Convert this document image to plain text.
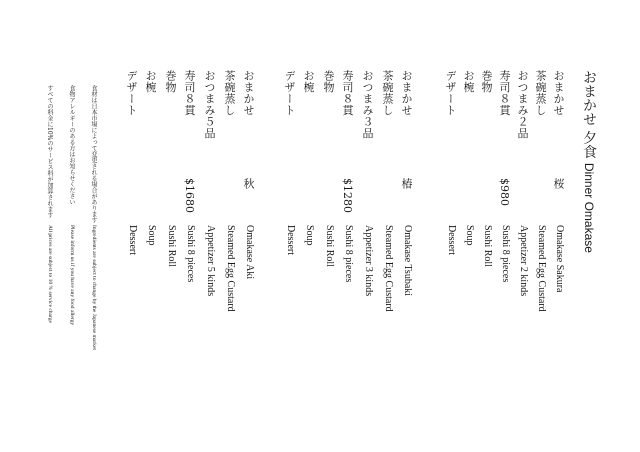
おまかせ 夕食 Dinner Omakase
おまかせ
桜
Omakase Sakura
茶碗蒸し
Steamed Egg Custard
おつまみ２品
Appetizer 2 kinds
寿司８貫
$980
Sushi 8 pieces
巻物
Sushi Roll
お椀
Soup
デザート
Dessert
おまかせ
椿
Omakase Tsubaki
茶碗蒸し
Steamed Egg Custard
おつまみ３品
Appetizer 3 kinds
寿司８貫
$1280
Sushi 8 pieces
巻物
Sushi Roll
お椀
Soup
デザート
Dessert
おまかせ
秋
Omakase Aki
茶碗蒸し
Steamed Egg Custard
おつまみ５品
Appetizer 5 kinds
寿司８貫
$1680
Sushi 8 pieces
巻物
Sushi Roll
お椀
Soup
デザート
Dessert
食材は日本市場によって変更される場合があります
Ingredients are subject to change by the Japanese market
食物アレルギーのある方はお知らせください
Please inform us if you have any food allergy
すべての料金に10%のサービス料が加算されます
All prices are subject to 10 % service charge
